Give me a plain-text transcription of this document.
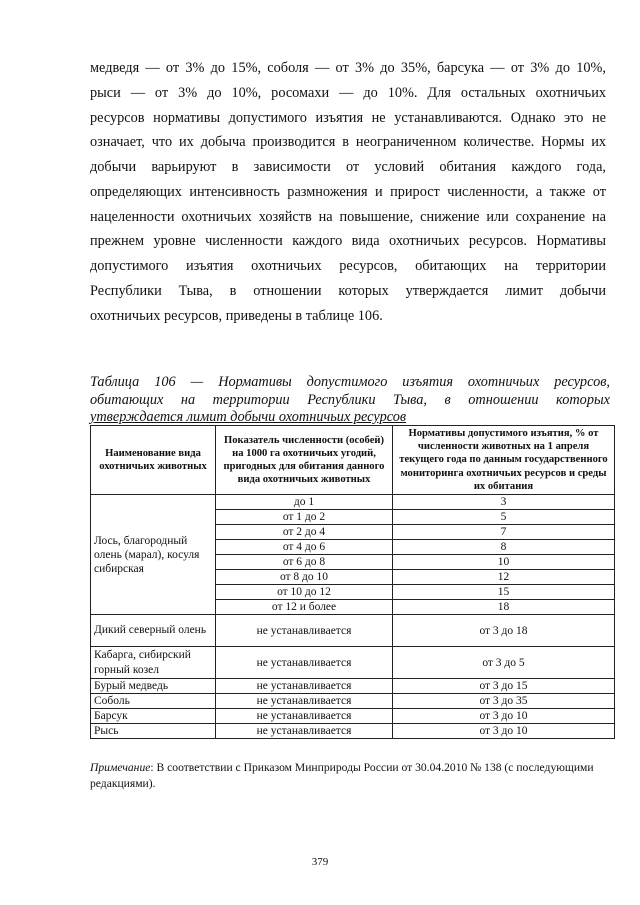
медведя — от 3% до 15%, соболя — от 3% до 35%, барсука — от 3% до 10%,
рыси — от 3% до 10%, росомахи — до 10%. Для остальных охотничьих
ресурсов нормативы допустимого изъятия не устанавливаются. Однако это не
означает, что их добыча производится в неограниченном количестве. Нормы их
добычи варьируют в зависимости от условий обитания каждого года,
определяющих интенсивность размножения и прирост численности, а также от
нацеленности охотничьих хозяйств на повышение, снижение или сохранение на
прежнем уровне численности каждого вида охотничьих ресурсов. Нормативы
допустимого изъятия охотничьих ресурсов, обитающих на территории
Республики Тыва, в отношении которых утверждается лимит добычи
охотничьих ресурсов, приведены в таблице 106.
Таблица 106 — Нормативы допустимого изъятия охотничьих ресурсов,
обитающих на территории Республики Тыва, в отношении которых
утверждается лимит добычи охотничьих ресурсов
Наименование вида охотничьих животных	Показатель численности (особей) на 1000 га охотничьих угодий, пригодных для обитания данного вида охотничьих животных	Нормативы допустимого изъятия, % от численности животных на 1 апреля текущего года по данным государственного мониторинга охотничьих ресурсов и среды их обитания
Лось, благородный олень (марал), косуля сибирская	до 1	3
	от 1 до 2	5
	от 2 до 4	7
	от 4 до 6	8
	от 6 до 8	10
	от 8 до 10	12
	от 10 до 12	15
	от 12 и более	18
Дикий северный олень	не устанавливается	от 3 до 18
Кабарга, сибирский горный козел	не устанавливается	от 3 до 5
Бурый медведь	не устанавливается	от 3 до 15
Соболь	не устанавливается	от 3 до 35
Барсук	не устанавливается	от 3 до 10
Рысь	не устанавливается	от 3 до 10
Примечание: В соответствии с Приказом Минприроды России от 30.04.2010 № 138 (с последующими редакциями).
379
